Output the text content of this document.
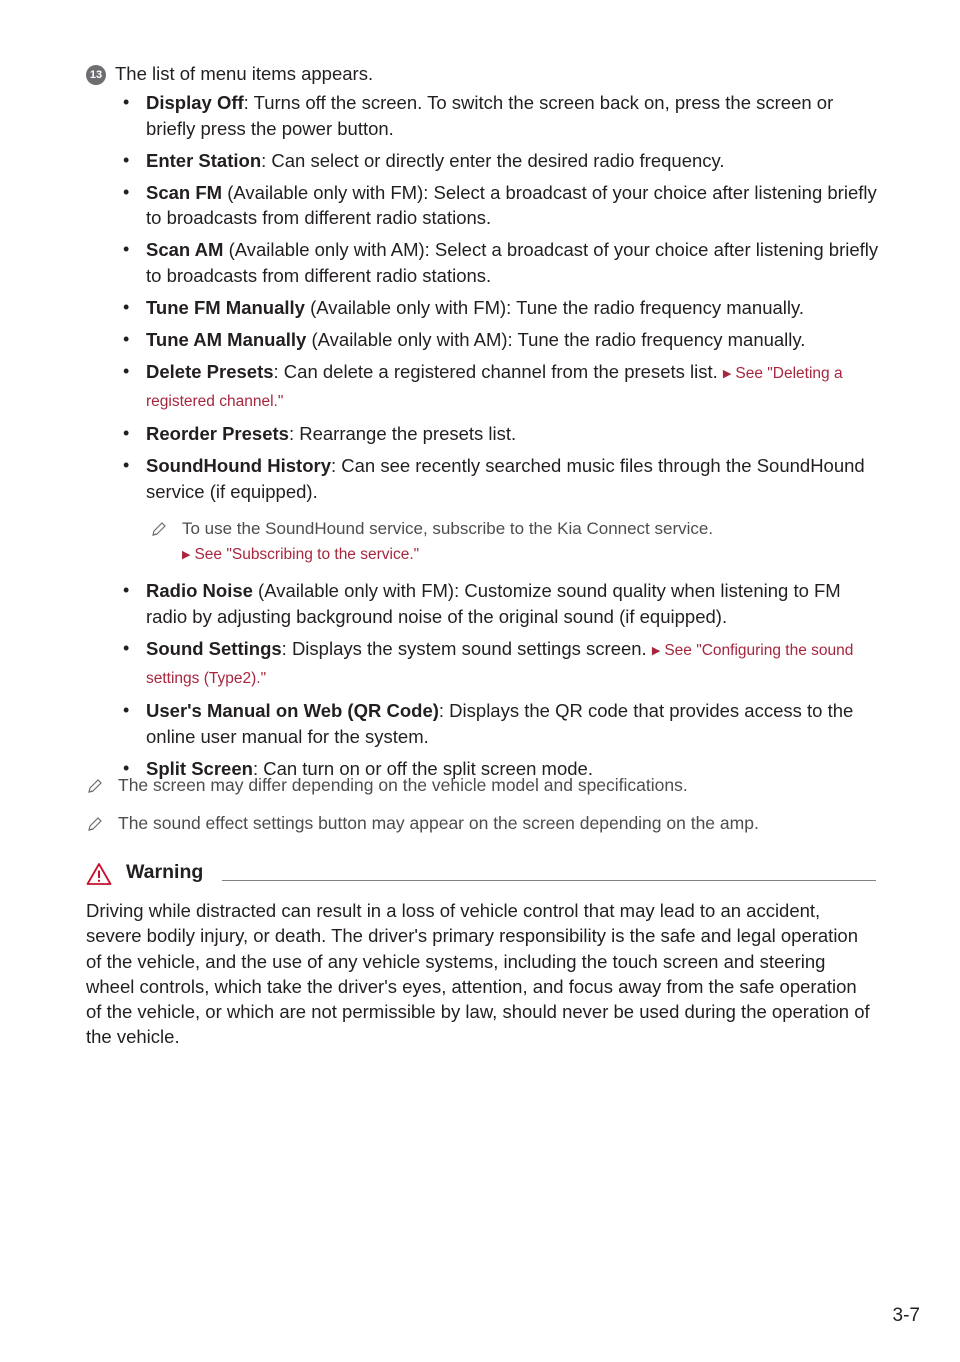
13 The list of menu items appears.
• Display Off: Turns off the screen. To switch the screen back on, press the screen or briefly press the power button.
• Enter Station: Can select or directly enter the desired radio frequency.
• Scan FM (Available only with FM): Select a broadcast of your choice after listening briefly to broadcasts from different radio stations.
• Scan AM (Available only with AM): Select a broadcast of your choice after listening briefly to broadcasts from different radio stations.
• Tune FM Manually (Available only with FM): Tune the radio frequency manually.
• Tune AM Manually (Available only with AM): Tune the radio frequency manually.
• Delete Presets: Can delete a registered channel from the presets list. ▶ See "Deleting a registered channel."
• Reorder Presets: Rearrange the presets list.
• SoundHound History: Can see recently searched music files through the SoundHound service (if equipped).
To use the SoundHound service, subscribe to the Kia Connect service.
▶ See "Subscribing to the service."
• Radio Noise (Available only with FM): Customize sound quality when listening to FM radio by adjusting background noise of the original sound (if equipped).
• Sound Settings: Displays the system sound settings screen. ▶ See "Configuring the sound settings (Type2)."
• User's Manual on Web (QR Code): Displays the QR code that provides access to the online user manual for the system.
• Split Screen: Can turn on or off the split screen mode.
The screen may differ depending on the vehicle model and specifications.
The sound effect settings button may appear on the screen depending on the amp.
Warning
Driving while distracted can result in a loss of vehicle control that may lead to an accident, severe bodily injury, or death. The driver's primary responsibility is the safe and legal operation of the vehicle, and the use of any vehicle systems, including the touch screen and steering wheel controls, which take the driver's eyes, attention, and focus away from the safe operation of the vehicle, or which are not permissible by law, should never be used during the operation of the vehicle.
3-7
